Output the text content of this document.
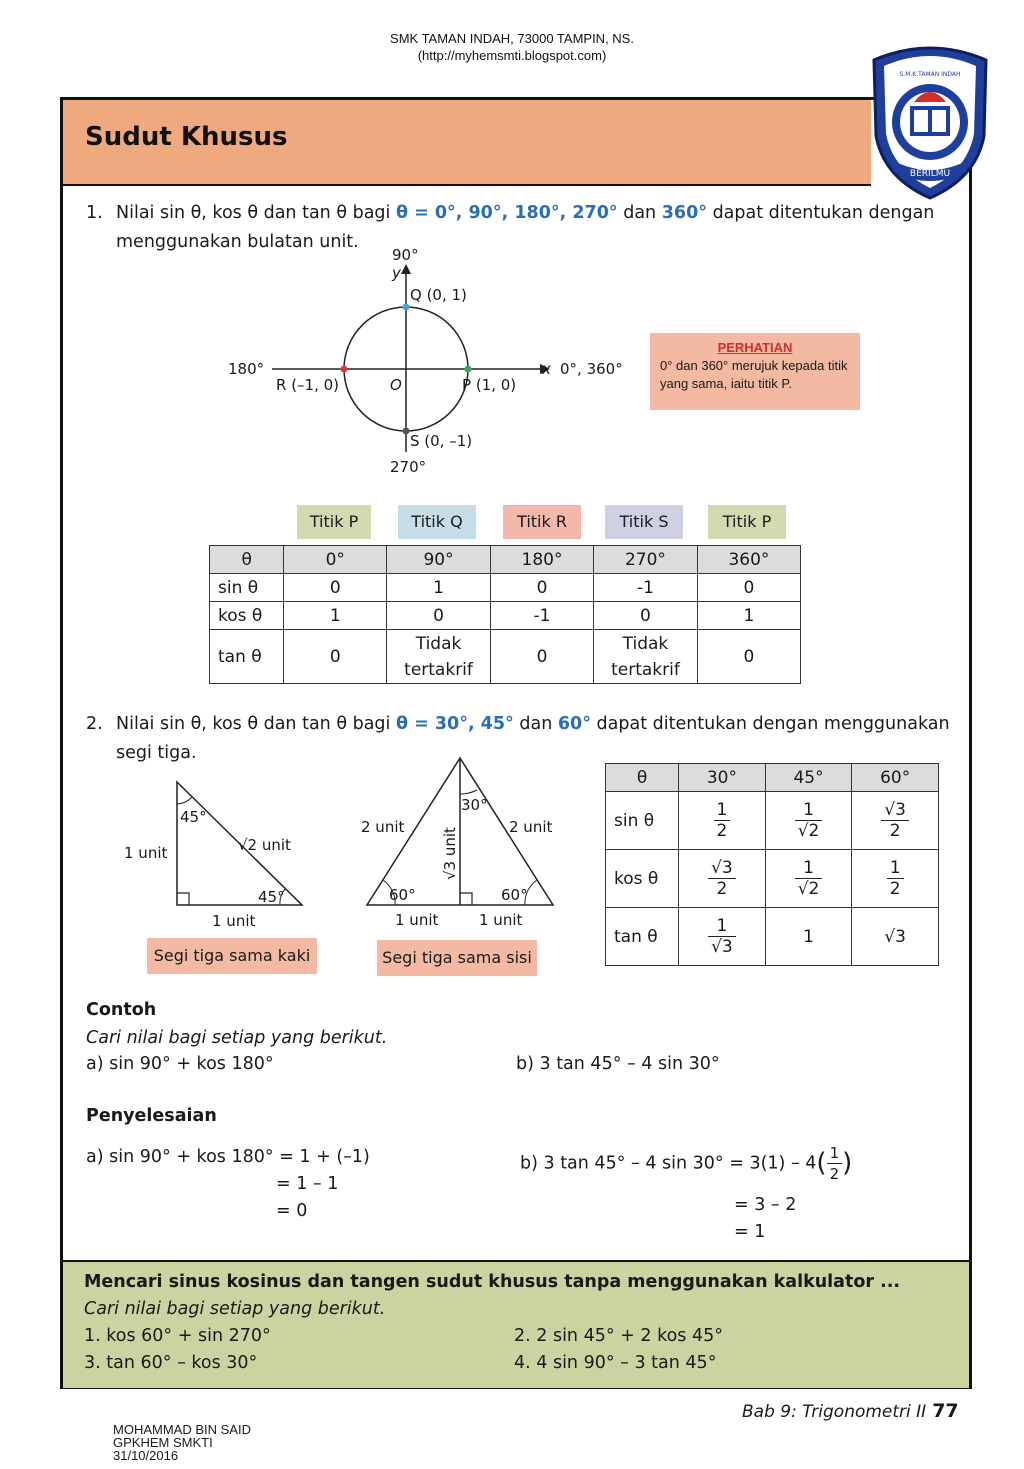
SMK TAMAN INDAH, 73000 TAMPIN, NS.
(http://myhemsmti.blogspot.com)
Sudut Khusus
BERILMU
S.M.K.TAMAN INDAH
1. Nilai sin θ, kos θ dan tan θ bagi θ = 0°, 90°, 180°, 270° dan 360° dapat ditentukan dengan
menggunakan bulatan unit.
90°
y
Q (0, 1)
180°
R (–1, 0)	O	P (1, 0)
x 0°, 360°
S (0, –1)
270°
PERHATIAN
0° dan 360° merujuk kepada titik yang sama, iaitu titik P.
Titik P	Titik Q	Titik R	Titik S	Titik P
θ	0°	90°	180°	270°	360°
sin θ	0	1	0	-1	0
kos θ	1	0	-1	0	1
tan θ	0	Tidak tertakrif	0	Tidak tertakrif	0
2. Nilai sin θ, kos θ dan tan θ bagi θ = 30°, 45° dan 60° dapat ditentukan dengan menggunakan
segi tiga.
45°
45°
1 unit	√2 unit
1 unit
Segi tiga sama kaki
30°
60°	60°
2 unit	2 unit
√3 unit
1 unit	1 unit
Segi tiga sama sisi
θ	30°	45°	60°
sin θ	$\frac{1}{2}$	$\frac{1}{√2}$	$\frac{√3}{2}$

kos θ	$\frac{√3}{2}$	$\frac{1}{√2}$	$\frac{1}{2}$

tan θ	$\frac{1}{√3}$	1	√3
Contoh
Cari nilai bagi setiap yang berikut.
a) sin 90° + kos 180°	b) 3 tan 45° – 4 sin 30°
Penyelesaian
a) sin 90° + kos 180° = 1 + (–1)
= 1 – 1
= 0
b) 3 tan 45° – 4 $\sin 30^\circ = 3(1) - 4( \frac{1}{2}$ )
= 3 – 2
= 1
Mencari sinus kosinus dan tangen sudut khusus tanpa menggunakan kalkulator ...
Cari nilai bagi setiap yang berikut.
1. kos 60° + sin 270°	2. 2 sin 45° + 2 kos 45°
3. tan 60° – kos 30°	4. 4 sin 90° – 3 tan 45°
Bab 9: Trigonometri II 77
MOHAMMAD BIN SAID
GPKHEM SMKTI
31/10/2016
